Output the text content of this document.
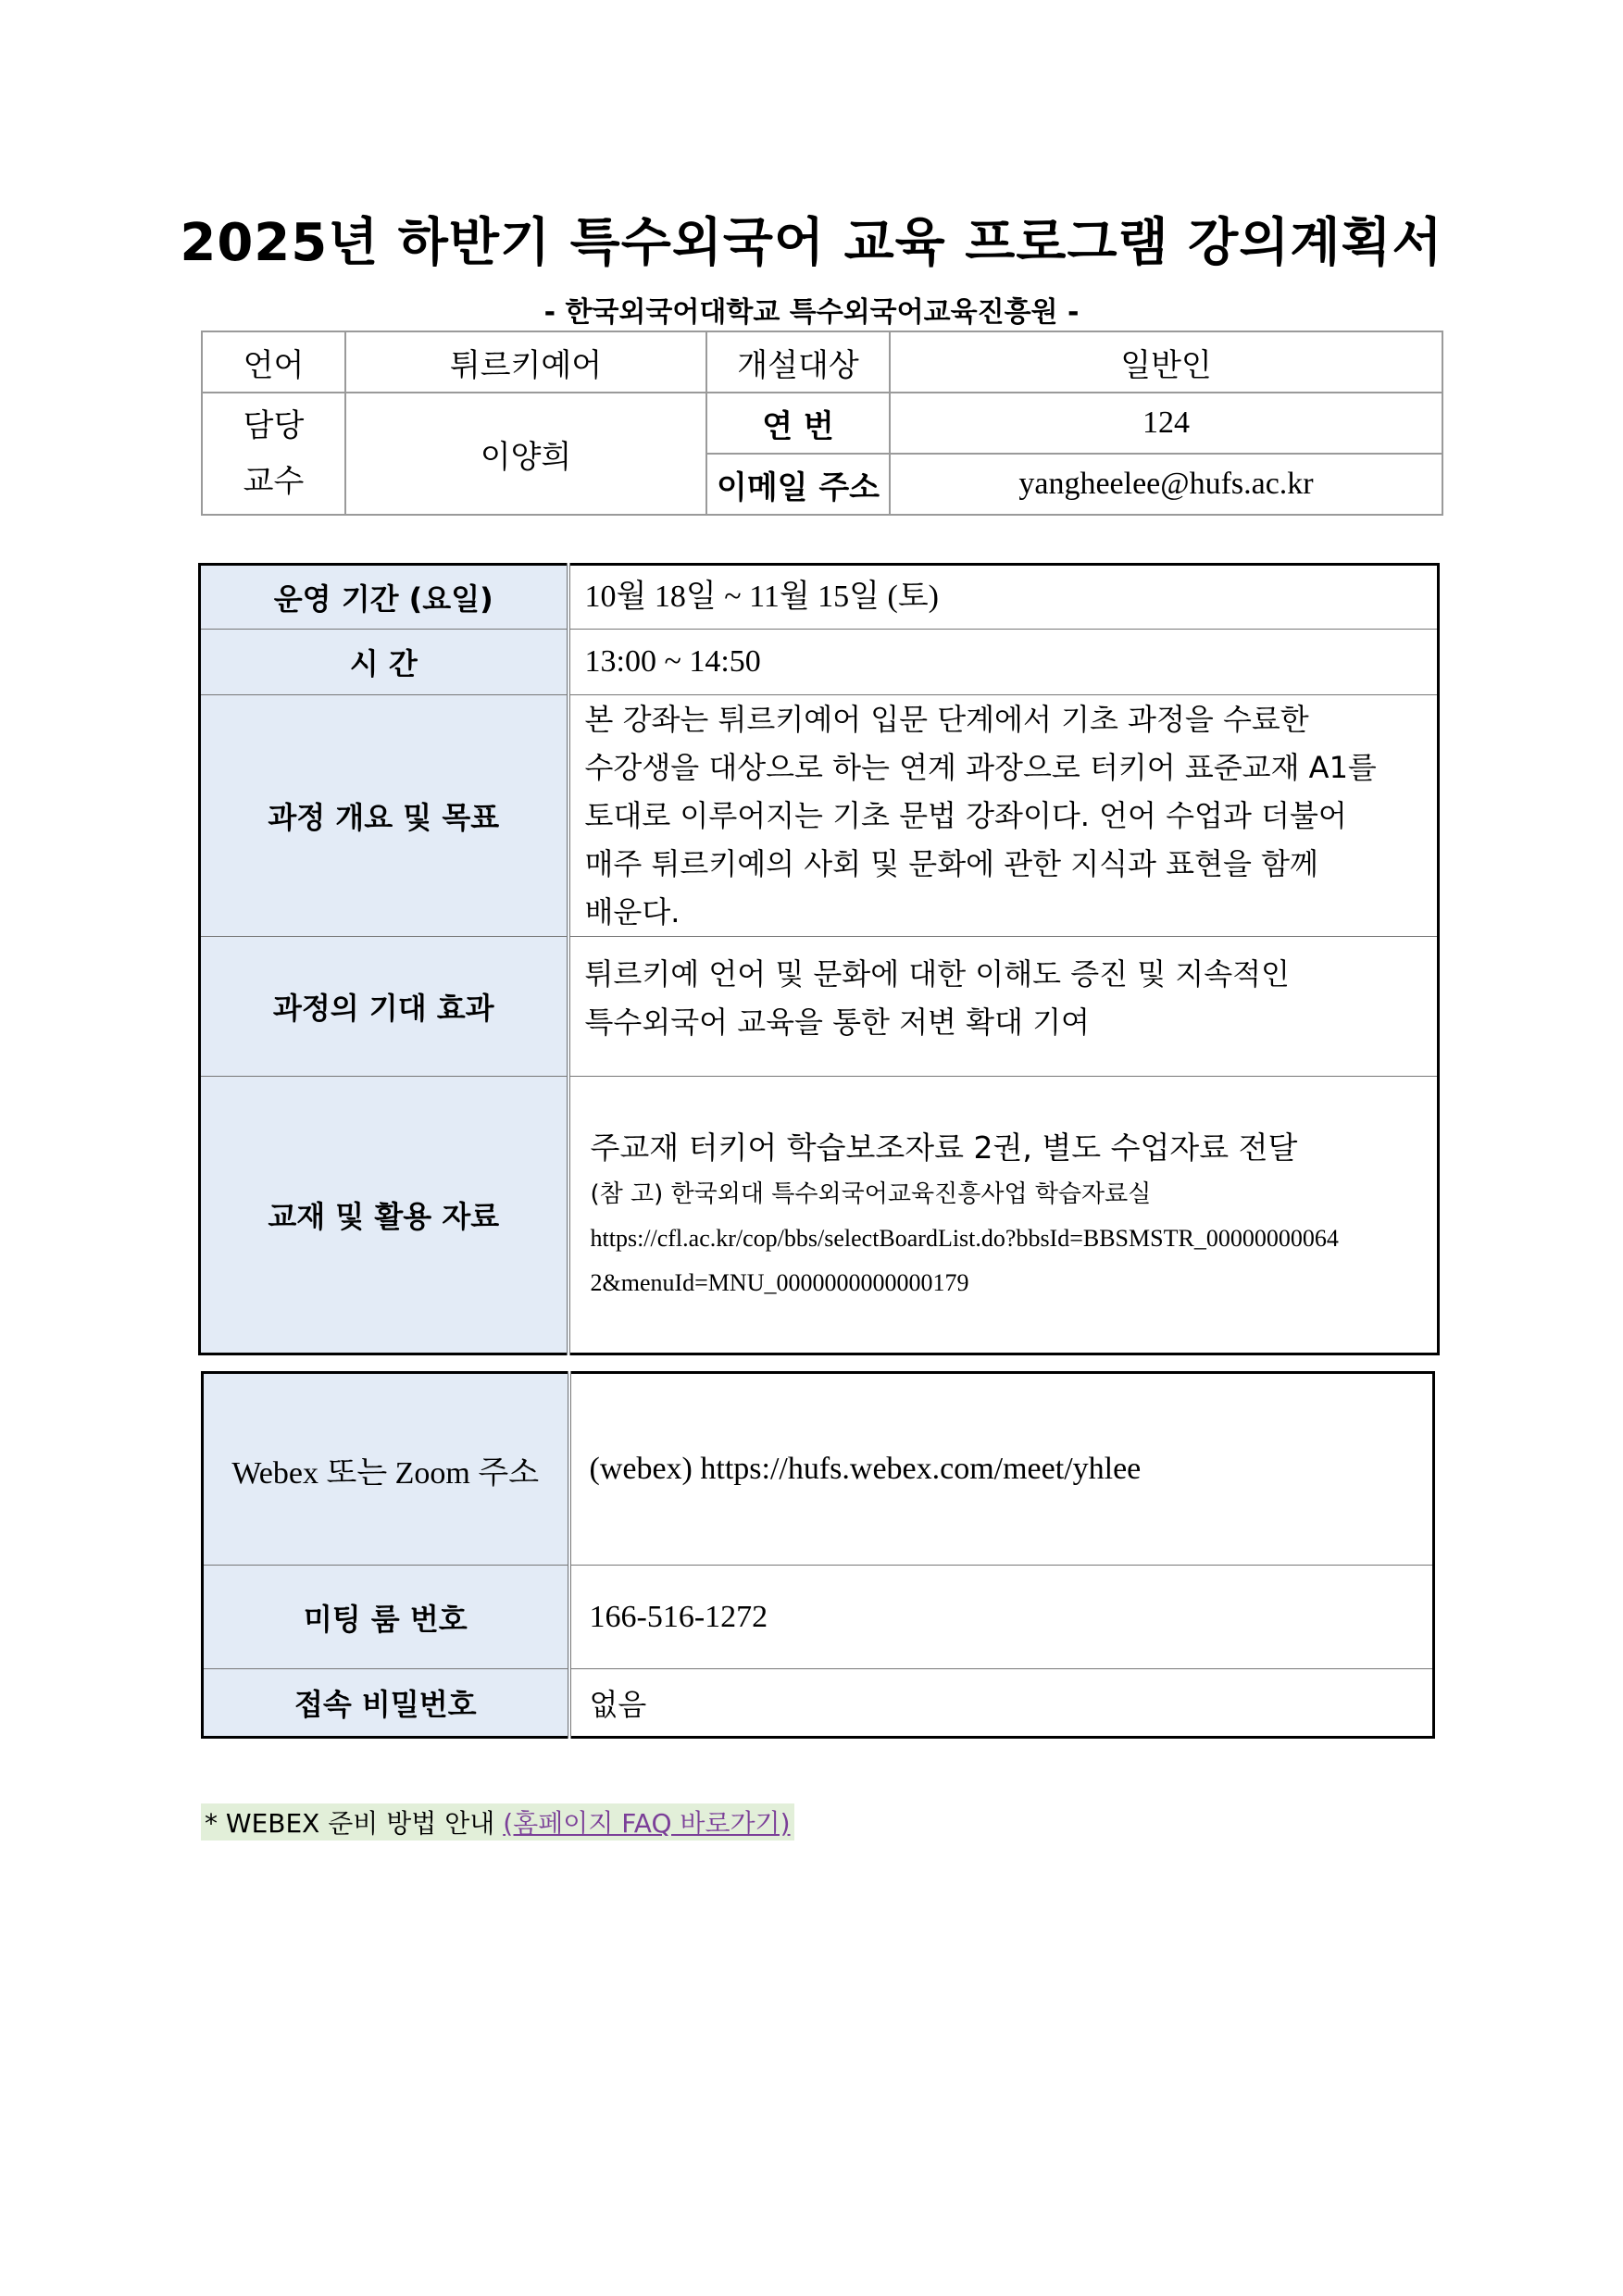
2025년 하반기 특수외국어 교육 프로그램 강의계획서
- 한국외국어대학교 특수외국어교육진흥원 -
언어	튀르키예어	개설대상	일반인

담당
교수	이양희	연 번	124
		이메일 주소	yangheelee@hufs.ac.kr
운영 기간 (요일)	10월 18일 ~ 11월 15일 (토)
시 간	13:00 ~ 14:50
과정 개요 및 목표	본 강좌는 튀르키예어 입문 단계에서 기초 과정을 수료한
수강생을 대상으로 하는 연계 과장으로 터키어 표준교재 A1를
토대로 이루어지는 기초 문법 강좌이다. 언어 수업과 더불어
매주 튀르키예의 사회 및 문화에 관한 지식과 표현을 함께
배운다.

과정의 기대 효과	튀르키예 언어 및 문화에 대한 이해도 증진 및 지속적인
특수외국어 교육을 통한 저변 확대 기여

교재 및 활용 자료	주교재 터키어 학습보조자료 2권, 별도 수업자료 전달
(참 고) 한국외대 특수외국어교육진흥사업 학습자료실
https://cfl.ac.kr/cop/bbs/selectBoardList.do?bbsId=BBSMSTR_00000000064
2&menuId=MNU_0000000000000179
Webex 또는 Zoom 주소	(webex) https://hufs.webex.com/meet/yhlee
미팅 룸 번호	166-516-1272
접속 비밀번호	없음
* WEBEX 준비 방법 안내 (홈페이지 FAQ 바로가기)
